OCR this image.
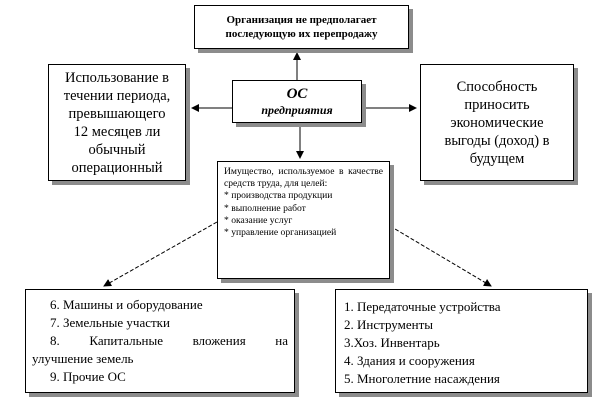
Организация не предполагает
последующую их перепродажу
Использование в
течении периода,
превышающего
12 месяцев ли
обычный
операционный
Способность
приносить
экономические
выгоды (доход) в
будущем
ОС
предприятия
Имущество, используемое в качестве средств труда, для целей:
* производства продукции
* выполнение работ
* оказание услуг
* управление организацией
6. Машины и оборудование
7. Земельные участки
8. Капитальные вложения на
улучшение земель
9. Прочие ОС
1. Передаточные устройства
2. Инструменты
3.Хоз. Инвентарь
4. Здания и сооружения
5. Многолетние насаждения
